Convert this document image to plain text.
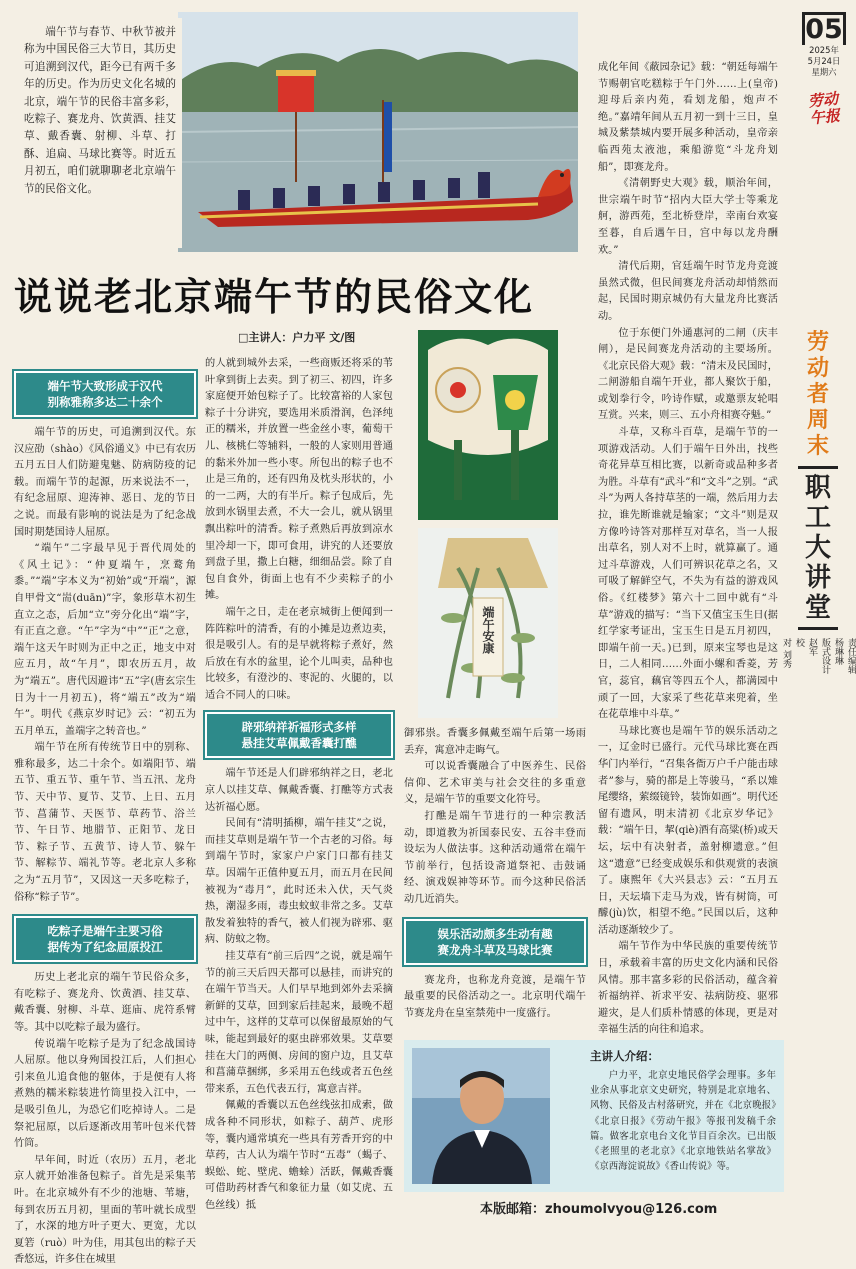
端午节与春节、中秋节被并称为中国民俗三大节日，其历史可追溯到汉代，距今已有两千多年的历史。作为历史文化名城的北京，端午节的民俗丰富多彩，吃粽子、赛龙舟、饮黄酒、挂艾草、戴香囊、射柳、斗草、打酥、追扁、马球比赛等。时近五月初五，咱们就聊聊老北京端午节的民俗文化。
05
2025年
5月24日
星期六
劳动午报
说说老北京端午节的民俗文化
□主讲人：户力平 文/图
端午节大致形成于汉代
别称雅称多达二十余个

端午节的历史，可追溯到汉代。东汉应劭（shào）《风俗通义》中已有农历五月五日人们防避鬼魅、防病防疫的记载。而端午节的起源，历来说法不一，有纪念屈原、迎涛神、恶日、龙的节日之说。而最有影响的说法是为了纪念战国时期楚国诗人屈原。

“端午”二字最早见于晋代周处的《风土记》：“仲夏端午，烹鹜角黍。”“端”字本义为“初始”或“开端”，源自甲骨文“耑(duān)”字，象形草木初生直立之态，后加“立”旁分化出“端”字，有正直之意。“午”字为“中”“正”之意，端午这天午时则为正中之正，地支中对应五月，故“午月”，即农历五月，故为“端五”。唐代因避讳“五”字(唐玄宗生日为十一月初五)，将“端五”改为“端午”。明代《燕京岁时记》云：“初五为五月单五，盖端字之转音也。”

端午节在所有传统节日中的别称、雅称最多，达二十余个。如端阳节、端五节、重五节、重午节、当五汛、龙舟节、天中节、夏节、艾节、上日、五月节、菖蒲节、天医节、草药节、浴兰节、午日节、地腊节、正阳节、龙日节、粽子节、五黄节、诗人节、躲午节、解粽节、端礼节等。老北京人多称之为“五月节”，又因这一天多吃粽子，俗称“粽子节”。

吃粽子是端午主要习俗
据传为了纪念屈原投江

历史上老北京的端午节民俗众多，有吃粽子、赛龙舟、饮黄酒、挂艾草、戴香囊、射柳、斗草、逛庙、虎符系臂等。其中以吃粽子最为盛行。

传说端午吃粽子是为了纪念战国诗人屈原。他以身殉国投江后，人们担心引来鱼儿追食他的躯体，于是便有人将煮熟的糯米粽装进竹筒里投入江中，一是吸引鱼儿，为恐它们吃掉诗人。二是祭祀屈原，以后逐渐改用苇叶包米代替竹筒。

早年间，时近（农历）五月，老北京人就开始准备包粽子。首先是采集苇叶。在北京城外有不少的池塘、苇塘，每到农历五月初，里面的苇叶就长成型了，水深的地方叶子更大、更宽，尤以夏箬（ruò）叶为佳，用其包出的粽子天香悠远，许多住在城里

的人就到城外去采，一些商贩还将采的苇叶拿到街上去卖。到了初三、初四，许多家庭便开始包粽子了。比较富裕的人家包粽子十分讲究，要选用米质滑润，色泽纯正的糯米，并放置一些金丝小枣，葡萄干儿、核桃仁等辅料，一般的人家则用普通的黏米外加一些小枣。所包出的粽子也不止是三角的，还有四角及枕头形状的，小的一二两，大的有半斤。粽子包成后，先放到水锅里去煮，不大一会儿，就从锅里飘出粽叶的清香。粽子煮熟后再放到凉水里冷却一下，即可食用，讲究的人还要放到盘子里，撒上白糖，细细品尝。除了自包自食外，街面上也有不少卖粽子的小摊。

端午之日，走在老京城街上便闻到一阵阵粽叶的清香，有的小摊是边煮边卖，很是吸引人。有的是早就将粽子煮好，然后放在有水的盆里，论个儿叫卖，品种也比较多，有澄沙的、枣泥的、火腿的，以适合不同人的口味。

辟邪纳祥祈福形式多样
悬挂艾草佩戴香囊打醮

端午节还是人们辟邪纳祥之日，老北京人以挂艾草、佩戴香囊、打醮等方式表达祈福心愿。

民间有“清明插柳，端午挂艾”之说，而挂艾草则是端午节一个古老的习俗。每到端午节时，家家户户家门口都有挂艾草。因端午正值仲夏五月，而五月在民间被视为“毒月”，此时还未入伏，天气炎热，潮湿多雨，毒虫蚊蚁非常之多。艾草散发着独特的香气，被人们视为辟邪、驱病、防蚊之物。

挂艾草有“前三后四”之说，就是端午节的前三天后四天都可以悬挂，而讲究的在端午节当天。人们早早地到郊外去采摘新鲜的艾草，回到家后挂起来，最晚不超过中午，这样的艾草可以保留最原始的气味，能起到最好的驱虫辟邪效果。艾草要挂在大门的两侧、房间的窗户边，且艾草和菖蒲草捆绑，多采用五色线或者五色丝带来系，五色代表五行，寓意吉祥。

佩戴的香囊以五色丝线弦扣成索，做成各种不同形状，如粽子、葫芦、虎形等，囊内通常填充一些具有芳香开窍的中草药，古人认为端午节时“五毒”（蝎子、蜈蚣、蛇、壁虎、蟾蜍）活跃，佩戴香囊可借助药材香气和象征力量（如艾虎、五色丝线）抵

端午安康

御邪祟。香囊多佩戴至端午后第一场雨丢弃，寓意冲走晦气。

可以说香囊融合了中医养生、民俗信仰、艺术审美与社会交往的多重意义，是端午节的重要文化符号。

打醮是端午节进行的一种宗教活动，即道教为祈国泰民安、五谷丰登而设坛为人做法事。这种活动通常在端午节前举行，包括设斋道祭祀、击鼓诵经、演戏娱神等环节。而今这种民俗活动几近消失。

娱乐活动颇多生动有趣
赛龙舟斗草及马球比赛

赛龙舟，也称龙舟竞渡，是端午节最重要的民俗活动之一。北京明代端午节赛龙舟在皇室禁苑中一度盛行。

成化年间《蔽园杂记》载：“朝廷每端午节赐朝官吃糕粽于午门外……上(皇帝)迎母后亲内苑，看划龙船，炮声不绝。”嘉靖年间从五月初一到十三日，皇城及紫禁城内要开展多种活动，皇帝亲临西苑太液池，乘船游览“斗龙舟划船”，即赛龙舟。

《清朝野史大观》载，顺治年间，世宗端午时节“招内大臣大学士等乘龙舸，游西苑，至北桥登岸，幸南台欢宴至暮，自后遇午日，宫中每以龙舟酬欢。”

清代后期，官廷端午时节龙舟竞渡虽然式微，但民间赛龙舟活动却悄然而起，民国时期京城仍有大量龙舟比赛活动。

位于东便门外通惠河的二闸（庆丰闸），是民间赛龙舟活动的主要场所。《北京民俗大观》载：“清末及民国时，二闸游船自端午开业，都人聚饮于船，或划拳行令，吟诗作赋，或邀票友轮唱互赏。兴来，则三、五小舟相赛夺魁。”

斗草，又称斗百草，是端午节的一项游戏活动。人们于端午日外出，找些奇花异草互相比赛，以新奇或品种多者为胜。斗草有“武斗”和“文斗”之别。“武斗”为两人各持草茎的一端，然后用力去拉，谁先断谁就是输家；“文斗”则是双方像吟诗答对那样互对草名，当一人报出草名，别人对不上时，就算赢了。通过斗草游戏，人们可辨识花草之名，又可吸了解鲜空气，不失为有益的游戏风俗。《红楼梦》第六十二回中就有“斗草”游戏的描写：“当下又值宝玉生日(据红学家考证出，宝玉生日是五月初四，即端午前一天。)已到，原来宝琴也是这日，二人相同……外面小螺和香菱，芳官，蕊官，藕官等四五个人，都满园中顽了一回，大家采了些花草来兜着，坐在花草堆中斗草。”

马球比赛也是端午节的娱乐活动之一，辽金时已盛行。元代马球比赛在西华门内举行，“召集各衙万户千户能击球者”参与，骑的都是上等骏马，“系以雉尾缨络，萦缀镜铃，装饰如画”。明代还留有遗风，明末清初《北京岁华记》载：“端午日，挈(qiè)酒有高粱(桥)或天坛，坛中有决射者，盖射柳遗意。”但这“遗意”已经变成娱乐和供观赏的表演了。康熙年《大兴县志》云：“五月五日，天坛墙下走马为戏，皆有树筒，可醵(jù)饮，相望不绝。”民国以后，这种活动逐渐较少了。

端午节作为中华民族的重要传统节日，承载着丰富的历史文化内涵和民俗风情。那丰富多彩的民俗活动，蕴含着祈福纳祥、祈求平安、祛病防疫、驱邪避灾，是人们质朴情感的体现，更是对幸福生活的向往和追求。

劳动者周末
职工大讲堂
责任编辑
杨琳琳
版式设计
赵军
校
对 刘秀
主讲人介绍：
户力平，北京史地民俗学会理事。多年业余从事北京文史研究，特别是北京地名、风物、民俗及古村落研究，并在《北京晚报》《北京日报》《劳动午报》等报刊发稿千余篇。做客北京电台文化节目百余次。已出版《老照里的老北京》《北京地铁站名掌故》《京西海淀说故》《香山传说》等。
本版邮箱：zhoumolvyou@126.com
